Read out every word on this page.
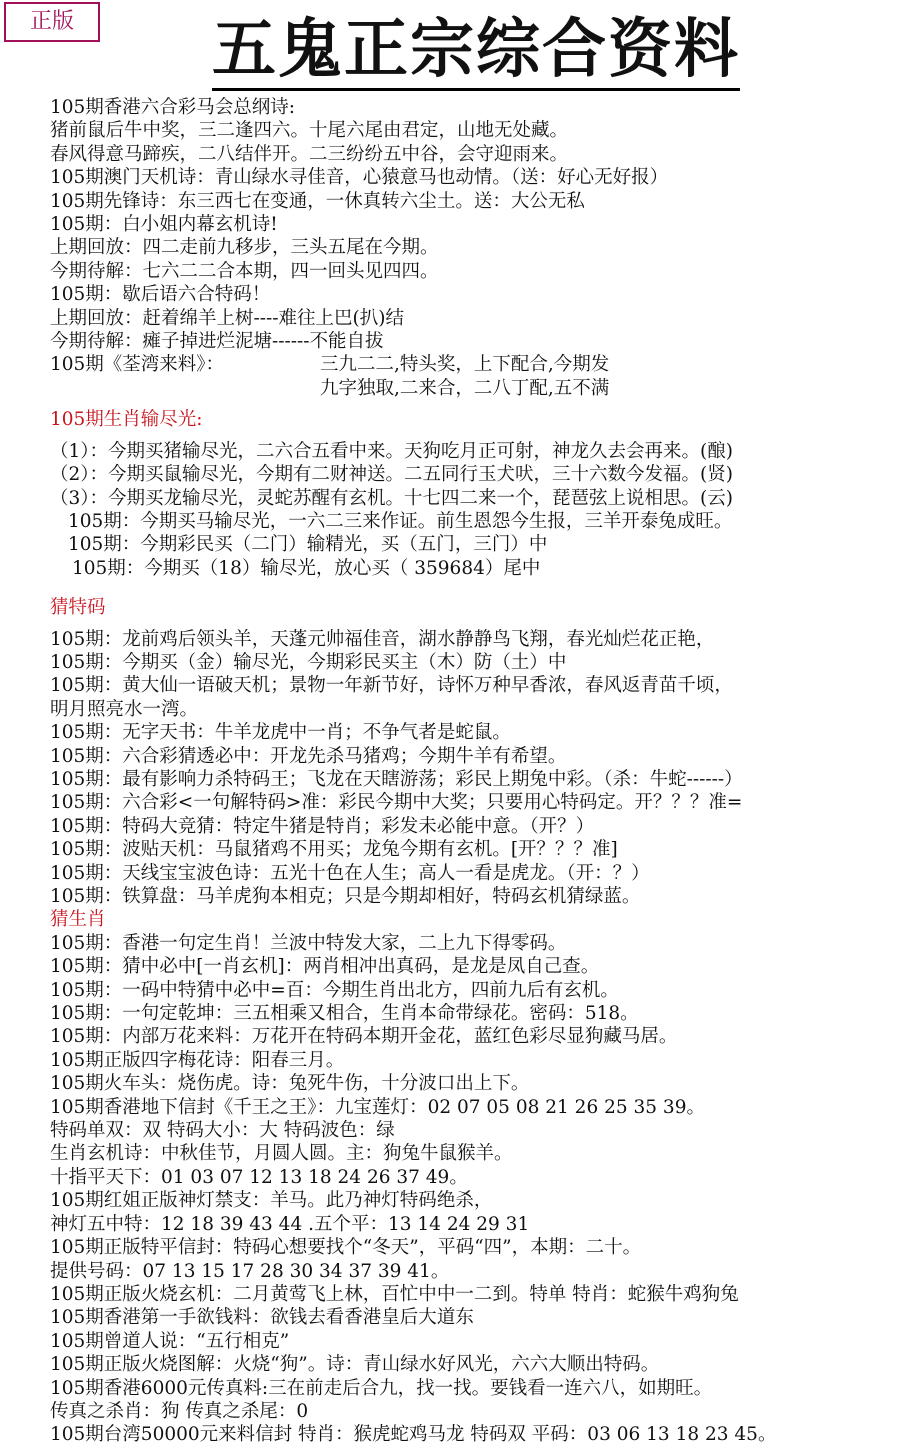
正版	五鬼正宗综合资料
105期香港六合彩马会总纲诗:
猪前鼠后牛中奖，三二逢四六。十尾六尾由君定，山地无处藏。
春风得意马蹄疾，二八结伴开。二三纷纷五中谷，会守迎雨来。
105期澳门天机诗：青山绿水寻佳音，心猿意马也动情。（送：好心无好报）
105期先锋诗：东三西七在变通，一休真转六尘土。送：大公无私
105期：白小姐内幕玄机诗!
上期回放：四二走前九移步，三头五尾在今期。
今期待解：七六二二合本期，四一回头见四四。
105期：歇后语六合特码！
上期回放：赶着绵羊上树----难往上巴(扒)结
今期待解：瘫子掉进烂泥塘------不能自拔
105期《荃湾来料》：	三九二二,特头奖，上下配合,今期发
九字独取,二来合，二八丁配,五不满
105期生肖输尽光:
（1）：今期买猪输尽光，二六合五看中来。天狗吃月正可射，神龙久去会再来。(酿)
（2）：今期买鼠输尽光，今期有二财神送。二五同行玉犬吠，三十六数今发福。(贤)
（3）：今期买龙输尽光，灵蛇苏醒有玄机。十七四二来一个，琵琶弦上说相思。(云)
105期：今期买马输尽光，一六二三来作证。前生恩怨今生报，三羊开泰兔成旺。
105期：今期彩民买（二门）输精光，买（五门，三门）中
105期：今期买（18）输尽光，放心买（ 359684）尾中
猜特码
105期：龙前鸡后领头羊，天蓬元帅福佳音，湖水静静鸟飞翔，春光灿烂花正艳，
105期：今期买（金）输尽光，今期彩民买主（木）防（土）中
105期：黄大仙一语破天机；景物一年新节好，诗怀万种早香浓，春风返青苗千顷，
明月照亮水一湾。
105期：无字天书：牛羊龙虎中一肖；不争气者是蛇鼠。
105期：六合彩猜透必中：开龙先杀马猪鸡；今期牛羊有希望。
105期：最有影响力杀特码王；飞龙在天瞎游荡；彩民上期兔中彩。（杀：牛蛇------）
105期：六合彩<一句解特码>准：彩民今期中大奖；只要用心特码定。开？？？准=
105期：特码大竞猜：特定牛猪是特肖；彩发未必能中意。（开？）
105期：波贴天机：马鼠猪鸡不用买；龙兔今期有玄机。[开？？？准]
105期：天线宝宝波色诗：五光十色在人生；高人一看是虎龙。（开：？）
105期：铁算盘：马羊虎狗本相克；只是今期却相好，特码玄机猜绿蓝。
猜生肖
105期：香港一句定生肖！兰波中特发大家，二上九下得零码。
105期：猜中必中[一肖玄机]：两肖相冲出真码，是龙是凤自己查。
105期：一码中特猜中必中=百：今期生肖出北方，四前九后有玄机。
105期：一句定乾坤：三五相乘又相合，生肖本命带绿花。密码：518。
105期：内部万花来料：万花开在特码本期开金花，蓝红色彩尽显狗藏马居。
105期正版四字梅花诗：阳春三月。
105期火车头：烧伤虎。诗：兔死牛伤，十分波口出上下。
105期香港地下信封《千王之王》：九宝莲灯：02 07 05 08 21 26 25 35 39。
特码单双：双 特码大小：大 特码波色：绿
生肖玄机诗：中秋佳节，月圆人圆。主：狗兔牛鼠猴羊。
十指平天下：01 03 07 12 13 18 24 26 37 49。
105期红姐正版神灯禁支：羊马。此乃神灯特码绝杀，
神灯五中特：12 18 39 43 44 .五个平：13 14 24 29 31
105期正版特平信封：特码心想要找个“冬天”，平码“四”，本期：二十。
提供号码：07 13 15 17 28 30 34 37 39 41。
105期正版火烧玄机：二月黄莺飞上林，百忙中中一二到。特单 特肖：蛇猴牛鸡狗兔
105期香港第一手欲钱料：欲钱去看香港皇后大道东
105期曾道人说：“五行相克”
105期正版火烧图解：火烧“狗”。诗：青山绿水好风光，六六大顺出特码。
105期香港6000元传真料:三在前走后合九，找一找。要钱看一连六八，如期旺。
传真之杀肖：狗 传真之杀尾：0
105期台湾50000元来料信封 特肖：猴虎蛇鸡马龙 特码双 平码：03 06 13 18 23 45。
